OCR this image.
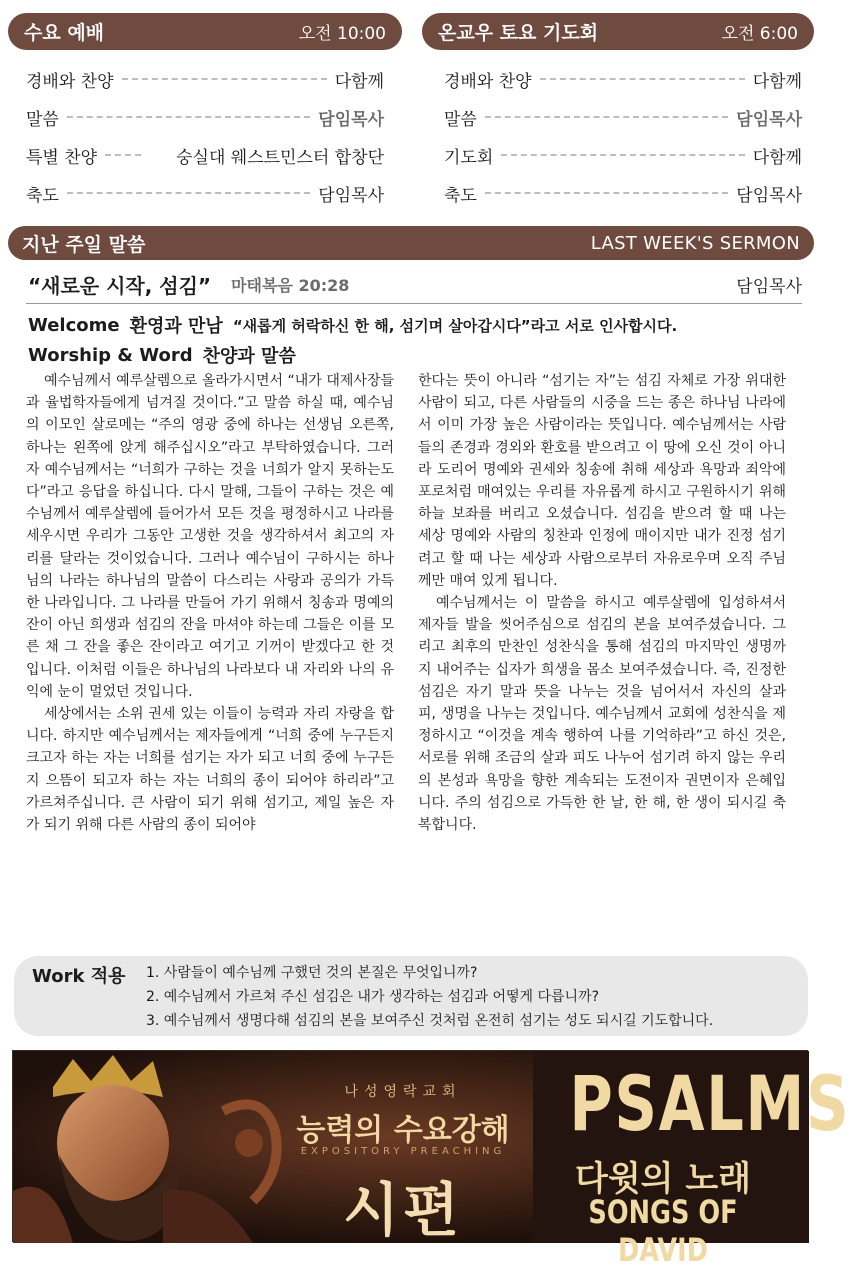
수요 예배	오전 10:00
경배와 찬양	다함께
말씀	담임목사
특별 찬양	숭실대 웨스트민스터 합창단
축도	담임목사
온교우 토요 기도회	오전 6:00
경배와 찬양	다함께
말씀	담임목사
기도회	다함께
축도	담임목사
지난 주일 말씀	LAST WEEK'S SERMON
“새로운 시작, 섬김” 마태복음 20:28	담임목사
Welcome 환영과 만남 “새롭게 허락하신 한 해, 섬기며 살아갑시다”라고 서로 인사합시다.
Worship & Word 찬양과 말씀

예수님께서 예루살렘으로 올라가시면서 “내가 대제사장들과 율법학자들에게 넘겨질 것이다.”고 말씀 하실 때, 예수님의 이모인 살로메는 “주의 영광 중에 하나는 선생님 오른쪽, 하나는 왼쪽에 앉게 해주십시오”라고 부탁하였습니다. 그러자 예수님께서는 “너희가 구하는 것을 너희가 알지 못하는도다”라고 응답을 하십니다. 다시 말해, 그들이 구하는 것은 예수님께서 예루살렘에 들어가서 모든 것을 평정하시고 나라를 세우시면 우리가 그동안 고생한 것을 생각하셔서 최고의 자리를 달라는 것이었습니다. 그러나 예수님이 구하시는 하나님의 나라는 하나님의 말씀이 다스리는 사랑과 공의가 가득한 나라입니다. 그 나라를 만들어 가기 위해서 칭송과 명예의 잔이 아닌 희생과 섬김의 잔을 마셔야 하는데 그들은 이를 모른 채 그 잔을 좋은 잔이라고 여기고 기꺼이 받겠다고 한 것입니다. 이처럼 이들은 하나님의 나라보다 내 자리와 나의 유익에 눈이 멀었던 것입니다.

세상에서는 소위 권세 있는 이들이 능력과 자리 자랑을 합니다. 하지만 예수님께서는 제자들에게 “너희 중에 누구든지 크고자 하는 자는 너희를 섬기는 자가 되고 너희 중에 누구든지 으뜸이 되고자 하는 자는 너희의 종이 되어야 하리라”고 가르쳐주십니다. 큰 사람이 되기 위해 섬기고, 제일 높은 자가 되기 위해 다른 사람의 종이 되어야

한다는 뜻이 아니라 “섬기는 자”는 섬김 자체로 가장 위대한 사람이 되고, 다른 사람들의 시중을 드는 종은 하나님 나라에서 이미 가장 높은 사람이라는 뜻입니다. 예수님께서는 사람들의 존경과 경외와 환호를 받으려고 이 땅에 오신 것이 아니라 도리어 명예와 권세와 칭송에 취해 세상과 욕망과 죄악에 포로처럼 매여있는 우리를 자유롭게 하시고 구원하시기 위해 하늘 보좌를 버리고 오셨습니다. 섬김을 받으려 할 때 나는 세상 명예와 사람의 칭찬과 인정에 매이지만 내가 진정 섬기려고 할 때 나는 세상과 사람으로부터 자유로우며 오직 주님께만 매여 있게 됩니다.

예수님께서는 이 말씀을 하시고 예루살렘에 입성하셔서 제자들 발을 씻어주심으로 섬김의 본을 보여주셨습니다. 그리고 최후의 만찬인 성찬식을 통해 섬김의 마지막인 생명까지 내어주는 십자가 희생을 몸소 보여주셨습니다. 즉, 진정한 섬김은 자기 말과 뜻을 나누는 것을 넘어서서 자신의 살과 피, 생명을 나누는 것입니다. 예수님께서 교회에 성찬식을 제정하시고 “이것을 계속 행하여 나를 기억하라”고 하신 것은, 서로를 위해 조금의 살과 피도 나누어 섬기려 하지 않는 우리의 본성과 욕망을 향한 계속되는 도전이자 권면이자 은혜입니다. 주의 섬김으로 가득한 한 날, 한 해, 한 생이 되시길 축복합니다.

Work 적용 1. 사람들이 예수님께 구했던 것의 본질은 무엇입니까?
2. 예수님께서 가르쳐 주신 섬김은 내가 생각하는 섬김과 어떻게 다릅니까?
3. 예수님께서 생명다해 섬김의 본을 보여주신 것처럼 온전히 섬기는 성도 되시길 기도합니다.
나성영락교회
능력의 수요강해
EXPOSITORY PREACHING
시편
PSALMS
다윗의 노래
SONGS OF DAVID
